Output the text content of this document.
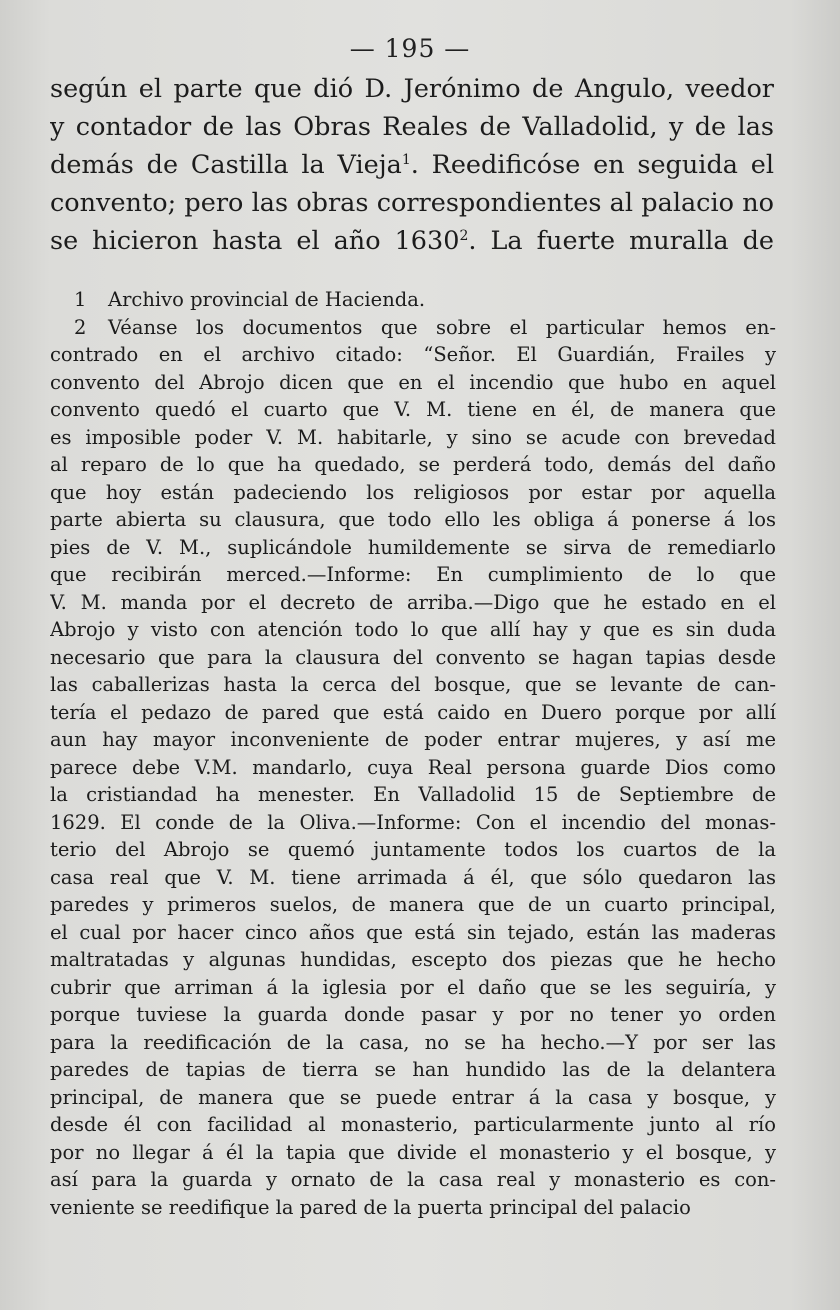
— 195 —
según el parte que dió D. Jerónimo de Angulo, veedor
y contador de las Obras Reales de Valladolid, y de las
demás de Castilla la Vieja$^1$. Reedificóse en seguida el
convento; pero las obras correspondientes al palacio no
se hicieron hasta el año 1630$^2$. La fuerte muralla de
1 Archivo provincial de Hacienda.
2 Véanse los documentos que sobre el particular hemos en-
contrado en el archivo citado: “Señor. El Guardián, Frailes y
convento del Abrojo dicen que en el incendio que hubo en aquel
convento quedó el cuarto que V. M. tiene en él, de manera que
es imposible poder V. M. habitarle, y sino se acude con brevedad
al reparo de lo que ha quedado, se perderá todo, demás del daño
que hoy están padeciendo los religiosos por estar por aquella
parte abierta su clausura, que todo ello les obliga á ponerse á los
pies de V. M., suplicándole humildemente se sirva de remediarlo
que recibirán merced.—Informe: En cumplimiento de lo que
V. M. manda por el decreto de arriba.—Digo que he estado en el
Abrojo y visto con atención todo lo que allí hay y que es sin duda
necesario que para la clausura del convento se hagan tapias desde
las caballerizas hasta la cerca del bosque, que se levante de can-
tería el pedazo de pared que está caido en Duero porque por allí
aun hay mayor inconveniente de poder entrar mujeres, y así me
parece debe V.M. mandarlo, cuya Real persona guarde Dios como
la cristiandad ha menester. En Valladolid 15 de Septiembre de
1629. El conde de la Oliva.—Informe: Con el incendio del monas-
terio del Abrojo se quemó juntamente todos los cuartos de la
casa real que V. M. tiene arrimada á él, que sólo quedaron las
paredes y primeros suelos, de manera que de un cuarto principal,
el cual por hacer cinco años que está sin tejado, están las maderas
maltratadas y algunas hundidas, escepto dos piezas que he hecho
cubrir que arriman á la iglesia por el daño que se les seguiría, y
porque tuviese la guarda donde pasar y por no tener yo orden
para la reedificación de la casa, no se ha hecho.—Y por ser las
paredes de tapias de tierra se han hundido las de la delantera
principal, de manera que se puede entrar á la casa y bosque, y
desde él con facilidad al monasterio, particularmente junto al río
por no llegar á él la tapia que divide el monasterio y el bosque, y
así para la guarda y ornato de la casa real y monasterio es con-
veniente se reedifique la pared de la puerta principal del palacio
